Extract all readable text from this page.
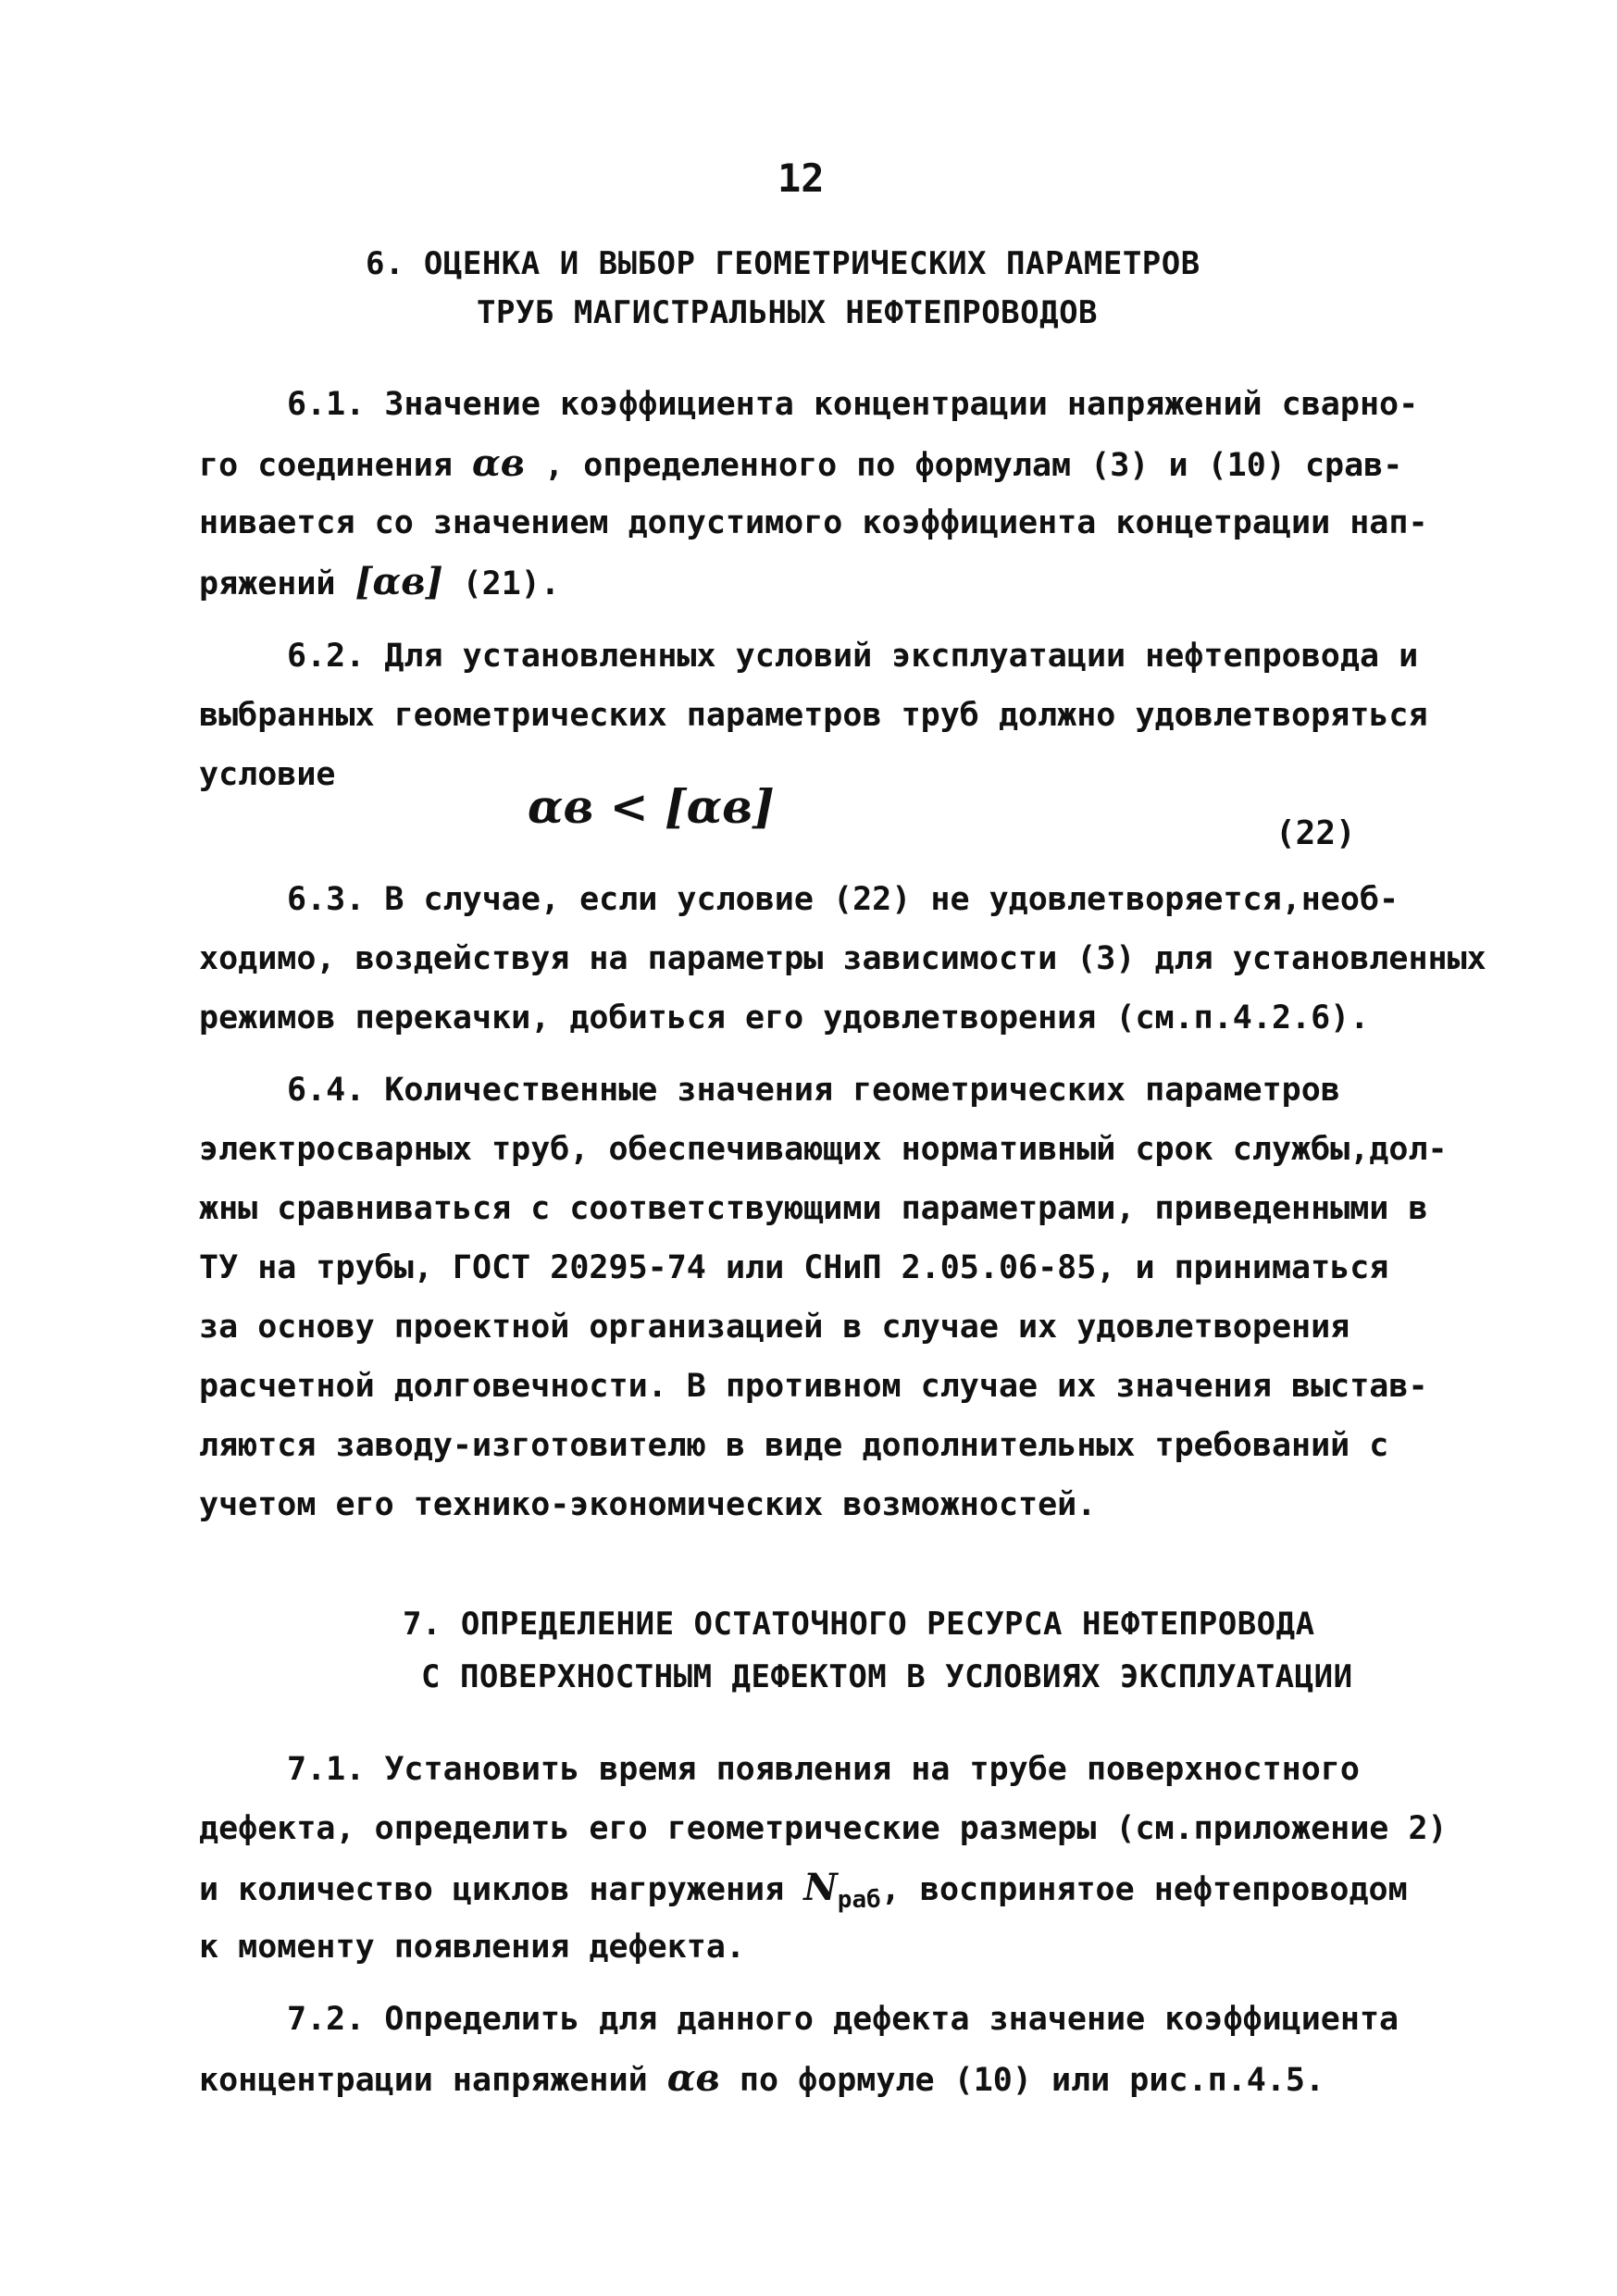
12
6. ОЦЕНКА И ВЫБОР ГЕОМЕТРИЧЕСКИХ ПАРАМЕТРОВ
ТРУБ МАГИСТРАЛЬНЫХ НЕФТЕПРОВОДОВ
6.1. Значение коэффициента концентрации напряжений сварно-
го соединения αв , определенного по формулам (3) и (10) срав-
нивается со значением допустимого коэффициента концетрации нап-
ряжений [αв] (21).
6.2. Для установленных условий эксплуатации нефтепровода и
выбранных геометрических параметров труб должно удовлетворяться
условие
αв < [αв]	(22)
6.3. В случае, если условие (22) не удовлетворяется,необ-
ходимо, воздействуя на параметры зависимости (3) для установленных
режимов перекачки, добиться его удовлетворения (см.п.4.2.6).
6.4. Количественные значения геометрических параметров
электросварных труб, обеспечивающих нормативный срок службы,дол-
жны сравниваться с соответствующими параметрами, приведенными в
ТУ на трубы, ГОСТ 20295-74 или СНиП 2.05.06-85, и приниматься
за основу проектной организацией в случае их удовлетворения
расчетной долговечности. В противном случае их значения выстав-
ляются заводу-изготовителю в виде дополнительных требований с
учетом его технико-экономических возможностей.
7. ОПРЕДЕЛЕНИЕ ОСТАТОЧНОГО РЕСУРСА НЕФТЕПРОВОДА
С ПОВЕРХНОСТНЫМ ДЕФЕКТОМ В УСЛОВИЯХ ЭКСПЛУАТАЦИИ
7.1. Установить время появления на трубе поверхностного
дефекта, определить его геометрические размеры (см.приложение 2)
и количество циклов нагружения $N_{раб}$, воспринятое нефтепроводом
к моменту появления дефекта.
7.2. Определить для данного дефекта значение коэффициента
концентрации напряжений αв по формуле (10) или рис.п.4.5.
